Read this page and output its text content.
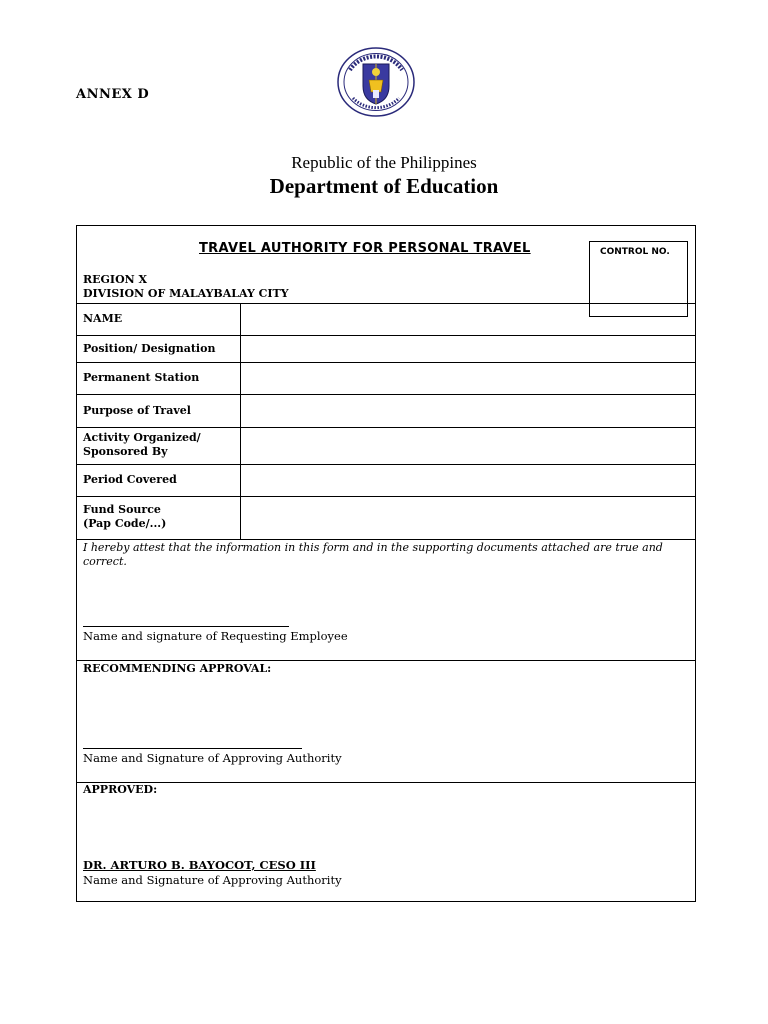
ANNEX D
Republic of the Philippines
Department of Education
TRAVEL AUTHORITY FOR PERSONAL TRAVEL	CONTROL NO.
REGION X
DIVISION OF MALAYBALAY CITY
NAME
Position/ Designation
Permanent Station
Purpose of Travel
Activity Organized/
Sponsored By
Period Covered
Fund Source
(Pap Code/...)
I hereby attest that the information in this form and in the supporting documents attached are true and correct.
Name and signature of Requesting Employee
RECOMMENDING APPROVAL:
Name and Signature of Approving Authority
APPROVED:
DR. ARTURO B. BAYOCOT, CESO III
Name and Signature of Approving Authority
